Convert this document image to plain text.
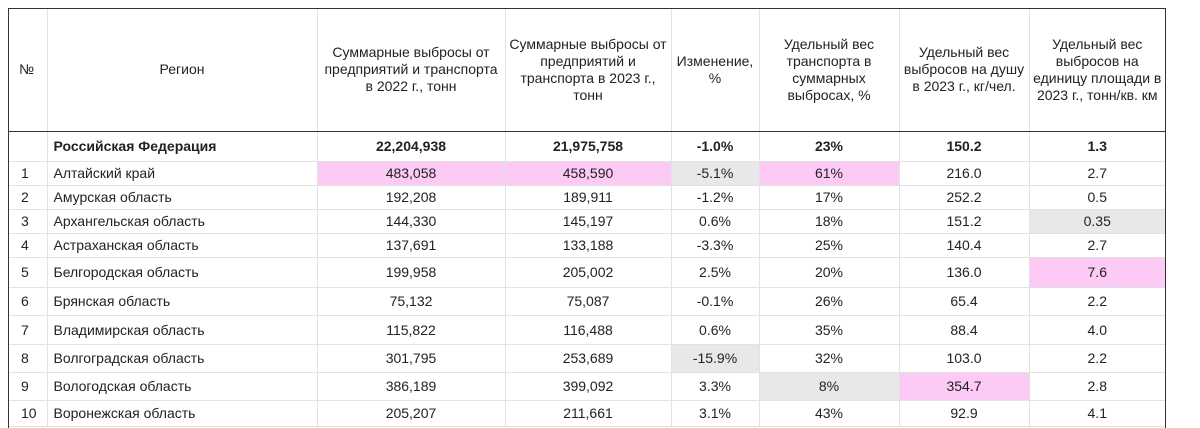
№	Регион	Суммарные выбросы от предприятий и транспорта в 2022 г., тонн	Суммарные выбросы от предприятий и транспорта в 2023 г., тонн	Изменение, %	Удельный вес транспорта в суммарных выбросах, %	Удельный вес выбросов на душу в 2023 г., кг/чел.	Удельный вес выбросов на единицу площади в 2023 г., тонн/кв. км
	Российская Федерация	22,204,938	21,975,758	-1.0%	23%	150.2	1.3
1	Алтайский край	483,058	458,590	-5.1%	61%	216.0	2.7
2	Амурская область	192,208	189,911	-1.2%	17%	252.2	0.5
3	Архангельская область	144,330	145,197	0.6%	18%	151.2	0.35
4	Астраханская область	137,691	133,188	-3.3%	25%	140.4	2.7
5	Белгородская область	199,958	205,002	2.5%	20%	136.0	7.6
6	Брянская область	75,132	75,087	-0.1%	26%	65.4	2.2
7	Владимирская область	115,822	116,488	0.6%	35%	88.4	4.0
8	Волгоградская область	301,795	253,689	-15.9%	32%	103.0	2.2
9	Вологодская область	386,189	399,092	3.3%	8%	354.7	2.8
10	Воронежская область	205,207	211,661	3.1%	43%	92.9	4.1
